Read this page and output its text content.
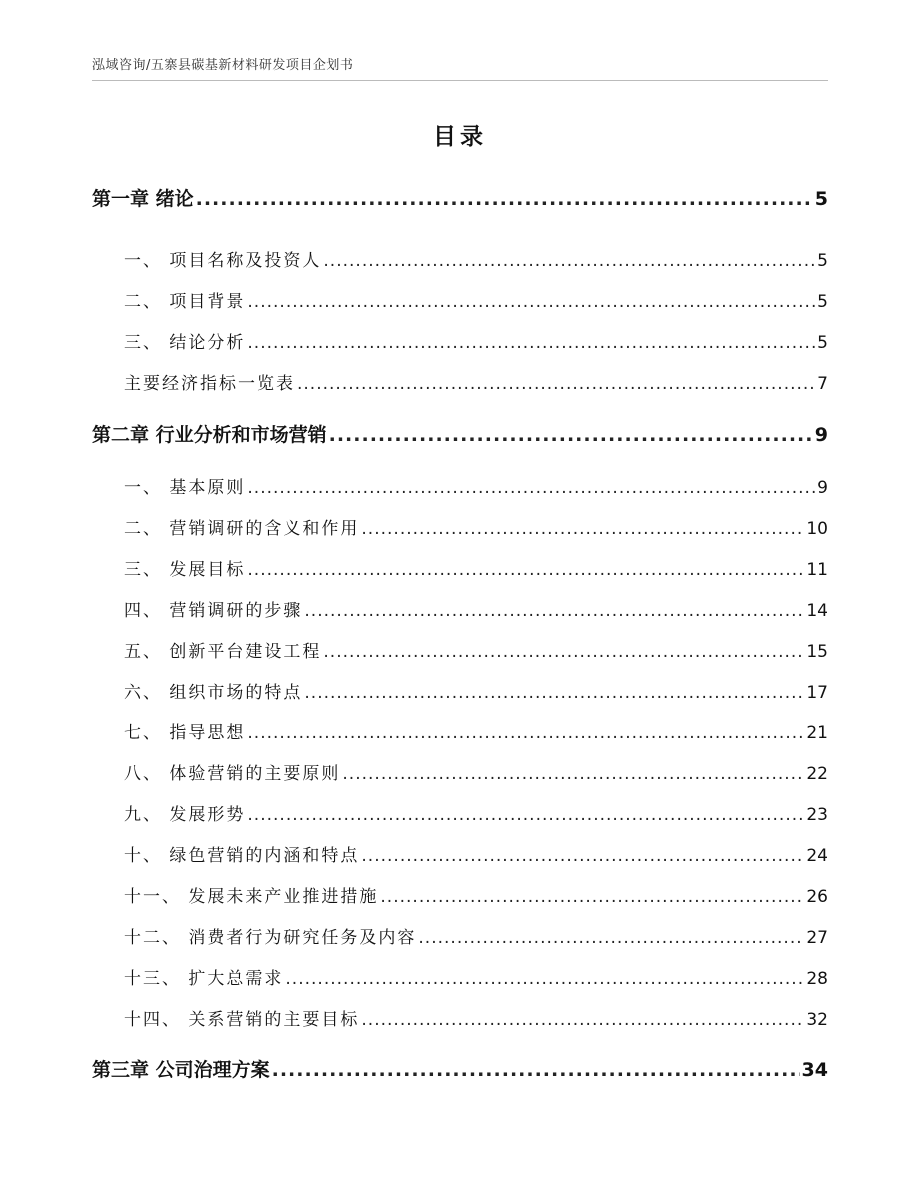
泓域咨询/五寨县碳基新材料研发项目企划书
目录
第一章 绪论 .....	5
一、 项目名称及投资人 .....	5
二、 项目背景 .....	5
三、 结论分析 .....	5
主要经济指标一览表 .....	7
第二章 行业分析和市场营销 .....	9
一、 基本原则 .....	9
二、 营销调研的含义和作用 .....	10
三、 发展目标 .....	11
四、 营销调研的步骤 .....	14
五、 创新平台建设工程 .....	15
六、 组织市场的特点 .....	17
七、 指导思想 .....	21
八、 体验营销的主要原则 .....	22
九、 发展形势 .....	23
十、 绿色营销的内涵和特点 .....	24
十一、 发展未来产业推进措施 .....	26
十二、 消费者行为研究任务及内容 .....	27
十三、 扩大总需求 .....	28
十四、 关系营销的主要目标 .....	32
第三章 公司治理方案 .....	34
